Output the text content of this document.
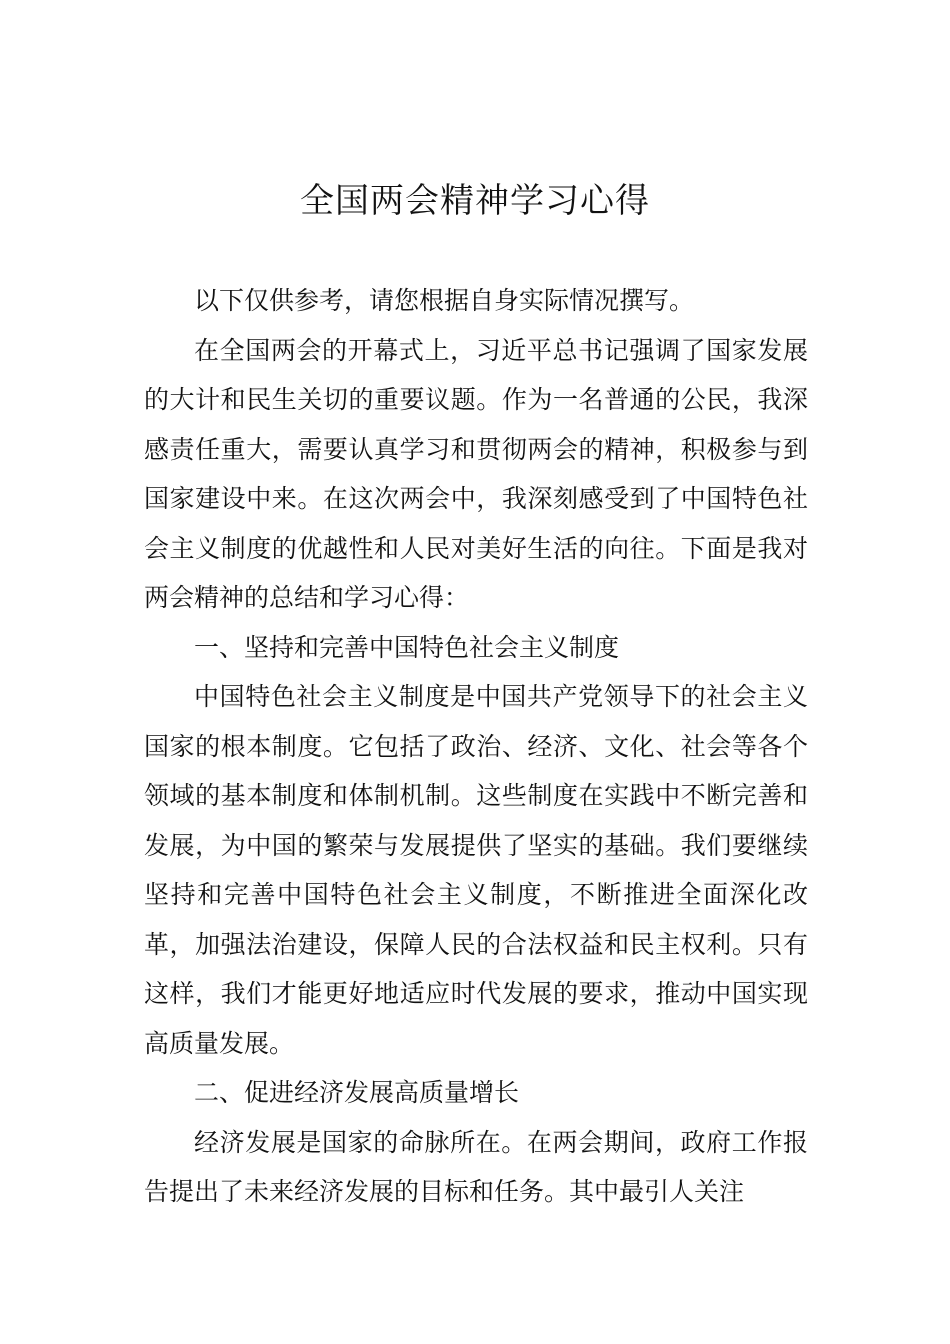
全国两会精神学习心得

以下仅供参考，请您根据自身实际情况撰写。

在全国两会的开幕式上，习近平总书记强调了国家发展的大计和民生关切的重要议题。作为一名普通的公民，我深感责任重大，需要认真学习和贯彻两会的精神，积极参与到国家建设中来。在这次两会中，我深刻感受到了中国特色社会主义制度的优越性和人民对美好生活的向往。下面是我对两会精神的总结和学习心得：

一、坚持和完善中国特色社会主义制度

中国特色社会主义制度是中国共产党领导下的社会主义国家的根本制度。它包括了政治、经济、文化、社会等各个领域的基本制度和体制机制。这些制度在实践中不断完善和发展，为中国的繁荣与发展提供了坚实的基础。我们要继续坚持和完善中国特色社会主义制度，不断推进全面深化改革，加强法治建设，保障人民的合法权益和民主权利。只有这样，我们才能更好地适应时代发展的要求，推动中国实现高质量发展。

二、促进经济发展高质量增长

经济发展是国家的命脉所在。在两会期间，政府工作报告提出了未来经济发展的目标和任务。其中最引人关注
